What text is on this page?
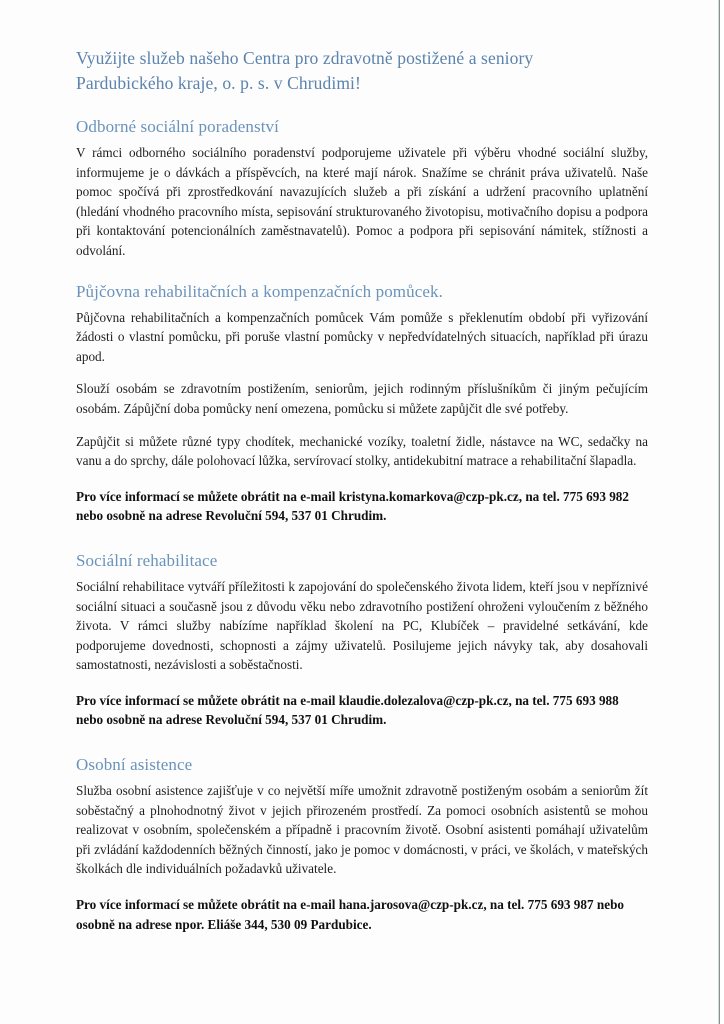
Využijte služeb našeho Centra pro zdravotně postižené a seniory
Pardubického kraje, o. p. s. v Chrudimi!
Odborné sociální poradenství

V rámci odborného sociálního poradenství podporujeme uživatele při výběru vhodné sociální služby, informujeme je o dávkách a příspěvcích, na které mají nárok. Snažíme se chránit práva uživatelů. Naše pomoc spočívá při zprostředkování navazujících služeb a při získání a udržení pracovního uplatnění (hledání vhodného pracovního místa, sepisování strukturovaného životopisu, motivačního dopisu a podpora při kontaktování potencionálních zaměstnavatelů). Pomoc a podpora při sepisování námitek, stížnosti a odvolání.

Půjčovna rehabilitačních a kompenzačních pomůcek.

Půjčovna rehabilitačních a kompenzačních pomůcek Vám pomůže s překlenutím období při vyřizování žádosti o vlastní pomůcku, při poruše vlastní pomůcky v nepředvídatelných situacích, například při úrazu apod.

Slouží osobám se zdravotním postižením, seniorům, jejich rodinným příslušníkům či jiným pečujícím osobám. Zápůjční doba pomůcky není omezena, pomůcku si můžete zapůjčit dle své potřeby.

Zapůjčit si můžete různé typy chodítek, mechanické vozíky, toaletní židle, nástavce na WC, sedačky na vanu a do sprchy, dále polohovací lůžka, servírovací stolky, antidekubitní matrace a rehabilitační šlapadla.

Pro více informací se můžete obrátit na e-mail kristyna.komarkova@czp-pk.cz, na tel. 775 693 982 nebo osobně na adrese Revoluční 594, 537 01 Chrudim.

Sociální rehabilitace

Sociální rehabilitace vytváří příležitosti k zapojování do společenského života lidem, kteří jsou v nepříznivé sociální situaci a současně jsou z důvodu věku nebo zdravotního postižení ohroženi vyloučením z běžného života. V rámci služby nabízíme například školení na PC, Klubíček – pravidelné setkávání, kde podporujeme dovednosti, schopnosti a zájmy uživatelů. Posilujeme jejich návyky tak, aby dosahovali samostatnosti, nezávislosti a soběstačnosti.

Pro více informací se můžete obrátit na e-mail klaudie.dolezalova@czp-pk.cz, na tel. 775 693 988 nebo osobně na adrese Revoluční 594, 537 01 Chrudim.

Osobní asistence

Služba osobní asistence zajišťuje v co největší míře umožnit zdravotně postiženým osobám a seniorům žít soběstačný a plnohodnotný život v jejich přirozeném prostředí. Za pomoci osobních asistentů se mohou realizovat v osobním, společenském a případně i pracovním životě. Osobní asistenti pomáhají uživatelům při zvládání každodenních běžných činností, jako je pomoc v domácnosti, v práci, ve školách, v mateřských školkách dle individuálních požadavků uživatele.

Pro více informací se můžete obrátit na e-mail hana.jarosova@czp-pk.cz, na tel. 775 693 987 nebo osobně na adrese npor. Eliáše 344, 530 09 Pardubice.
